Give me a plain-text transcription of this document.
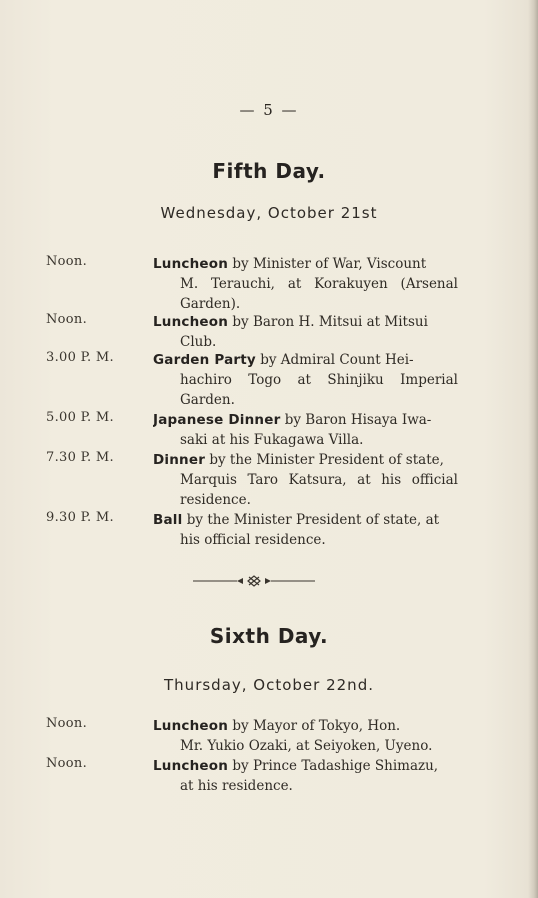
— 5 —
Fifth Day.
Wednesday, October 21st
Noon.	Luncheon by Minister of War, Viscount
M. Terauchi, at Korakuyen (Arsenal
Garden).
Noon.	Luncheon by Baron H. Mitsui at Mitsui
Club.
3.00 P. M.	Garden Party by Admiral Count Hei-
hachiro Togo at Shinjiku Imperial
Garden.
5.00 P. M.	Japanese Dinner by Baron Hisaya Iwa-
saki at his Fukagawa Villa.
7.30 P. M.	Dinner by the Minister President of state,
Marquis Taro Katsura, at his official
residence.
9.30 P. M.	Ball by the Minister President of state, at
his official residence.
Sixth Day.
Thursday, October 22nd.
Noon.	Luncheon by Mayor of Tokyo, Hon.
Mr. Yukio Ozaki, at Seiyoken, Uyeno.
Noon.	Luncheon by Prince Tadashige Shimazu,
at his residence.
